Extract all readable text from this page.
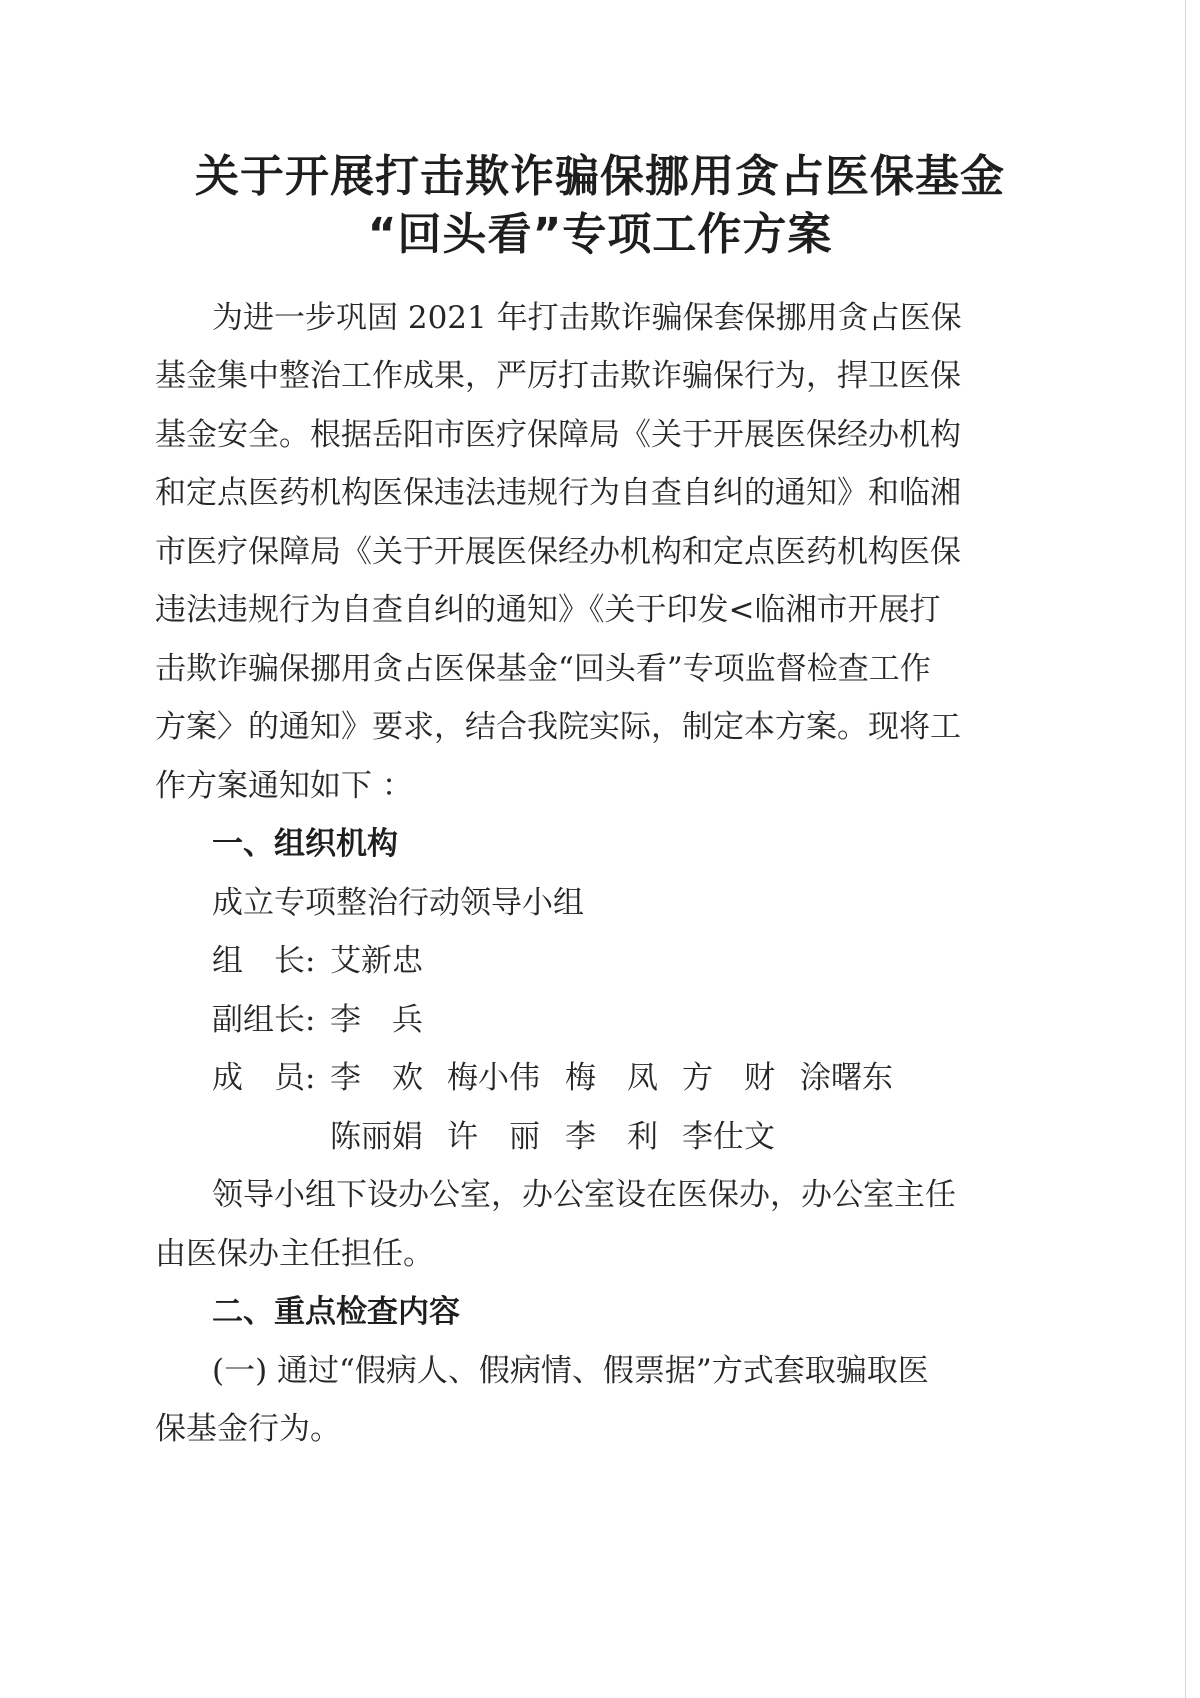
关于开展打击欺诈骗保挪用贪占医保基金
“回头看”专项工作方案
为进一步巩固 2021 年打击欺诈骗保套保挪用贪占医保
基金集中整治工作成果，严厉打击欺诈骗保行为，捍卫医保
基金安全。根据岳阳市医疗保障局《关于开展医保经办机构
和定点医药机构医保违法违规行为自查自纠的通知》和临湘
市医疗保障局《关于开展医保经办机构和定点医药机构医保
违法违规行为自查自纠的通知》《关于印发<临湘市开展打
击欺诈骗保挪用贪占医保基金“回头看”专项监督检查工作
方案〉的通知》要求，结合我院实际，制定本方案。现将工
作方案通知如下 ：
一、组织机构
成立专项整治行动领导小组
组　长: 艾新忠
副组长: 李　兵
成　员: 李　欢 梅小伟 梅　凤 方　财 涂曙东
陈丽娟 许　丽 李　利 李仕文
领导小组下设办公室，办公室设在医保办，办公室主任
由医保办主任担任。
二、重点检查内容
(一) 通过“假病人、假病情、假票据”方式套取骗取医
保基金行为。
